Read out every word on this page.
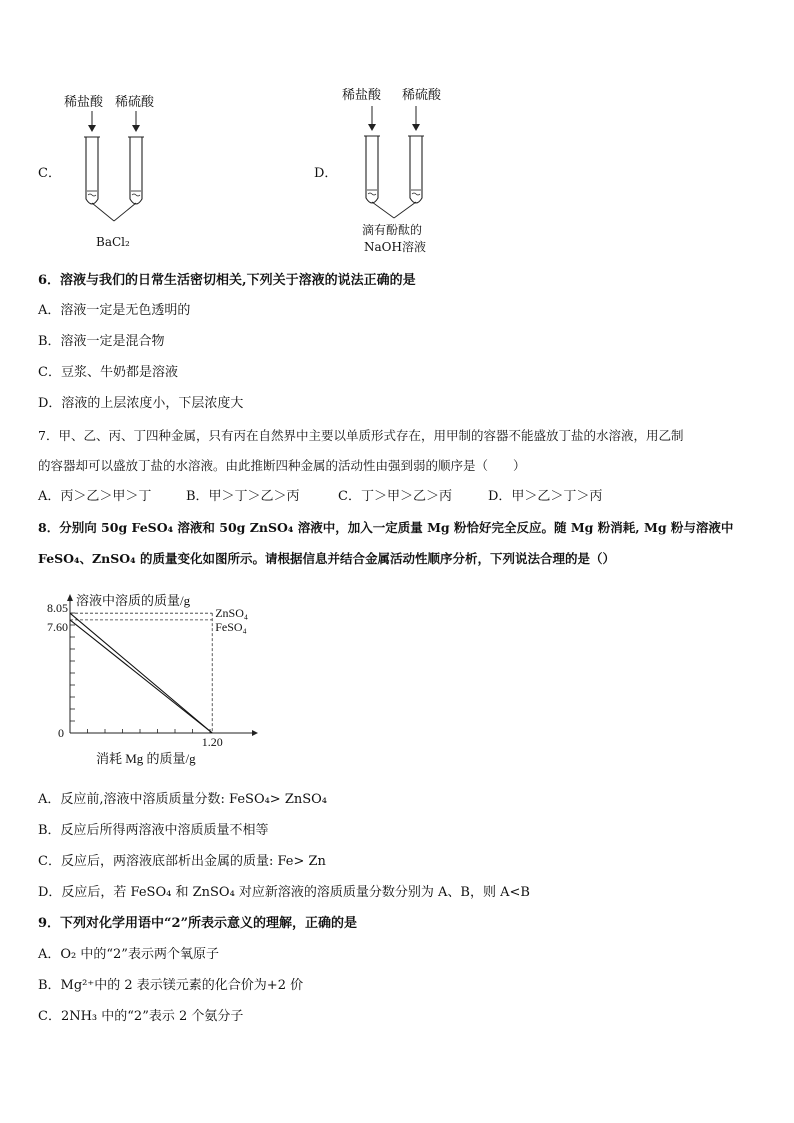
C．
稀盐酸 稀硫酸
BaCl₂
D．
稀盐酸 稀硫酸
滴有酚酞的
NaOH溶液
6．溶液与我们的日常生活密切相关,下列关于溶液的说法正确的是
A．溶液一定是无色透明的
B．溶液一定是混合物
C．豆浆、牛奶都是溶液
D．溶液的上层浓度小，下层浓度大
7．甲、乙、丙、丁四种金属，只有丙在自然界中主要以单质形式存在，用甲制的容器不能盛放丁盐的水溶液，用乙制
的容器却可以盛放丁盐的水溶液。由此推断四种金属的活动性由强到弱的顺序是（　　）
A．丙＞乙＞甲＞丁	B．甲＞丁＞乙＞丙	C．丁＞甲＞乙＞丙	D．甲＞乙＞丁＞丙
8．分别向 50g FeSO₄ 溶液和 50g ZnSO₄ 溶液中，加入一定质量 Mg 粉恰好完全反应。随 Mg 粉消耗, Mg 粉与溶液中
FeSO₄、ZnSO₄ 的质量变化如图所示。请根据信息并结合金属活动性顺序分析，下列说法合理的是（）
ZnSO₄
FeSO₄
8.05
7.60
1.20
0
溶液中溶质的质量/g
消耗 Mg 的质量/g
A．反应前,溶液中溶质质量分数: FeSO₄> ZnSO₄
B．反应后所得两溶液中溶质质量不相等
C．反应后，两溶液底部析出金属的质量: Fe> Zn
D．反应后，若 FeSO₄ 和 ZnSO₄ 对应新溶液的溶质质量分数分别为 A、B，则 A<B
9．下列对化学用语中“2”所表示意义的理解，正确的是
A．O₂ 中的“2”表示两个氧原子
B．Mg²⁺中的 2 表示镁元素的化合价为+2 价
C．2NH₃ 中的“2”表示 2 个氨分子
